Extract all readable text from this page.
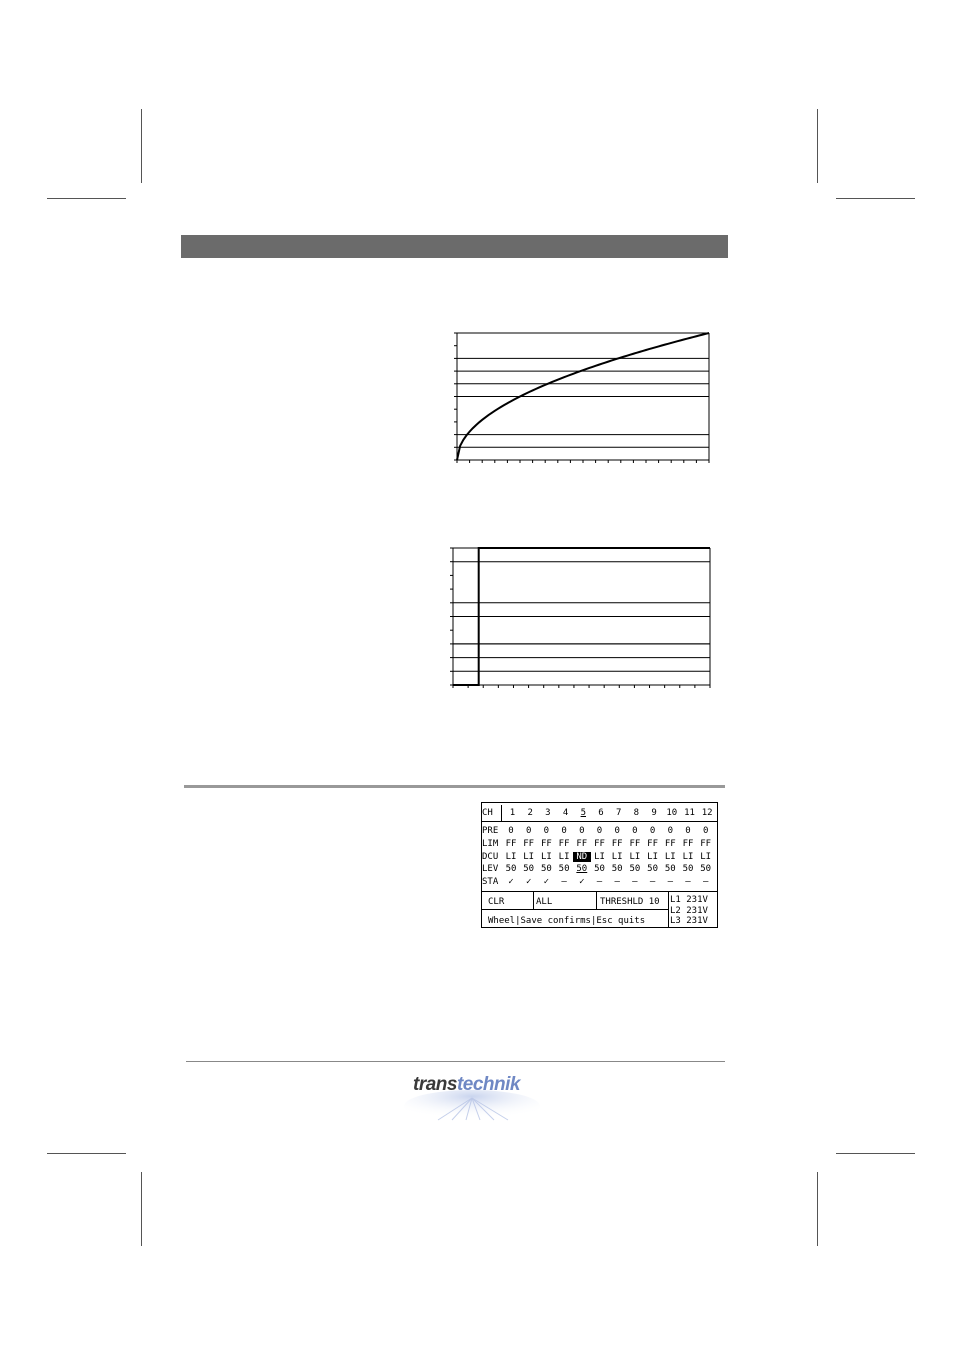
CH	1	2	3	4	5	6	7	8	9	10 11 12
PRE	0	0	0	0	0	0	0	0	0	0	0	0
LIM FF FF FF FF FF FF FF FF FF FF FF FF
DCU LI LI LI LI ND LI LI LI LI LI LI LI
LEV 50 50 50 50 50 50 50 50 50 50 50 50
STA	✓	✓	✓	–	✓	–	–	–	–	–	–	–
CLR	ALL	THRESHLD 10
Wheel|Save confirms|Esc quits
L1 231V
L2 231V
L3 231V
transtechnik
